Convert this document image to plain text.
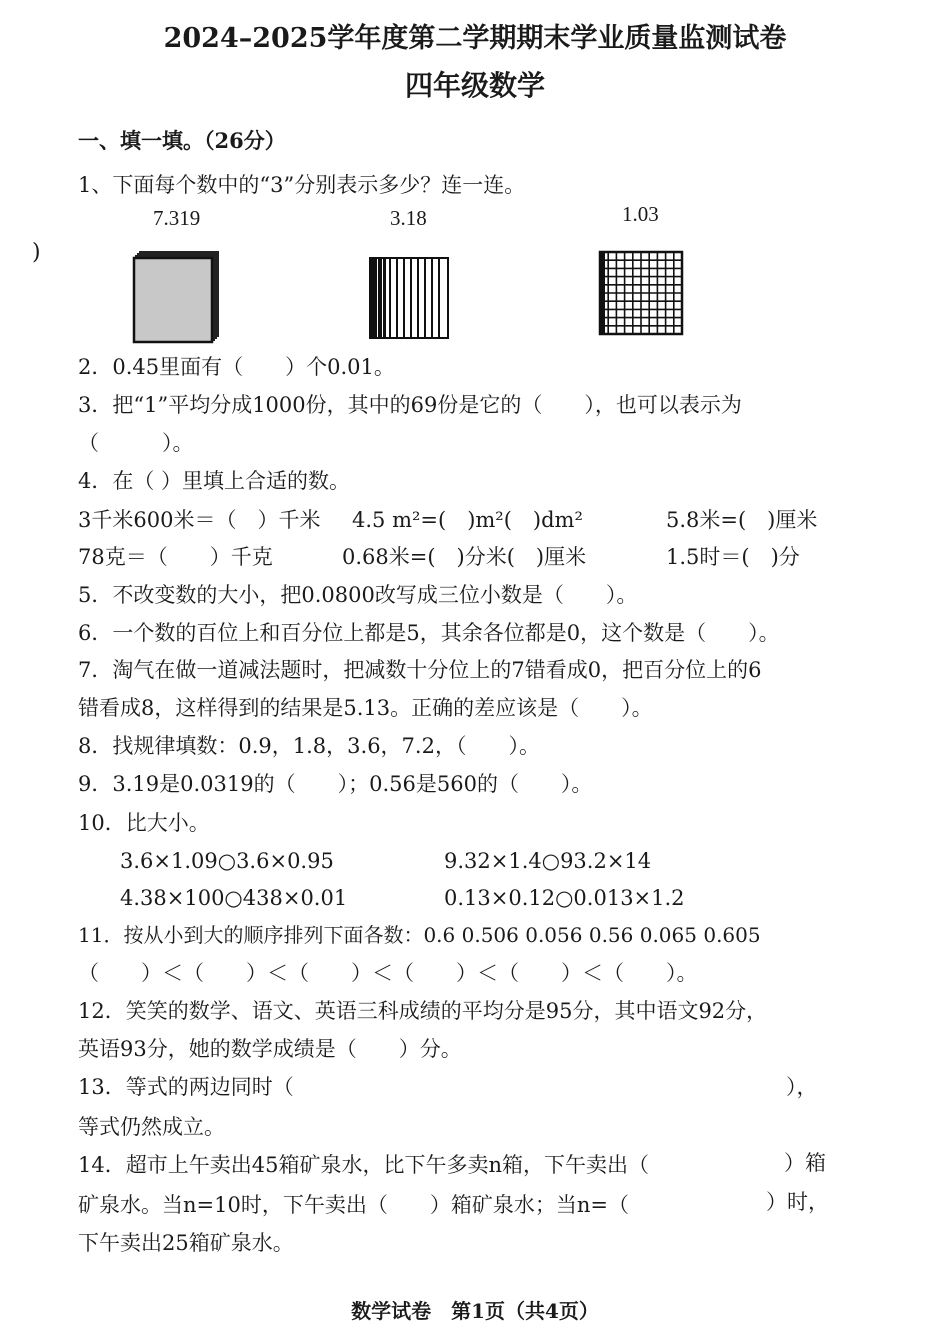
2024–2025学年度第二学期期末学业质量监测试卷
四年级数学
一、填一填。（26分）
1、下面每个数中的“3”分别表示多少？连一连。
7.319	3.18	1.03
)
2．0.45里面有（　　）个0.01。
3．把“1”平均分成1000份，其中的69份是它的（　　），也可以表示为
（　　　）。
4．在（ ）里填上合适的数。
3千米600米＝（　）千米 4.5 m²=(　)m²(　)dm²	5.8米=(　)厘米
78克＝（　　）千克	0.68米=(　)分米(　)厘米	1.5时＝(　)分
5．不改变数的大小，把0.0800改写成三位小数是（　　）。
6．一个数的百位上和百分位上都是5，其余各位都是0，这个数是（　　）。
7．淘气在做一道减法题时，把减数十分位上的7错看成0，把百分位上的6
错看成8，这样得到的结果是5.13。正确的差应该是（　　）。
8．找规律填数：0.9，1.8，3.6，7.2，（　　）。
9．3.19是0.0319的（　　）；0.56是560的（　　）。
10．比大小。
3.6×1.09○3.6×0.95	9.32×1.4○93.2×14
4.38×100○438×0.01	0.13×0.12○0.013×1.2
11．按从小到大的顺序排列下面各数：0.6 0.506 0.056 0.56 0.065 0.605
（　　）＜（　　）＜（　　）＜（　　）＜（　　）＜（　　）。
12．笑笑的数学、语文、英语三科成绩的平均分是95分，其中语文92分，
英语93分，她的数学成绩是（　　）分。
13．等式的两边同时（	），
等式仍然成立。
14．超市上午卖出45箱矿泉水，比下午多卖n箱，下午卖出（	）箱
矿泉水。当n=10时，下午卖出（　　）箱矿泉水；当n=（	）时，
下午卖出25箱矿泉水。
数学试卷　第1页（共4页）
